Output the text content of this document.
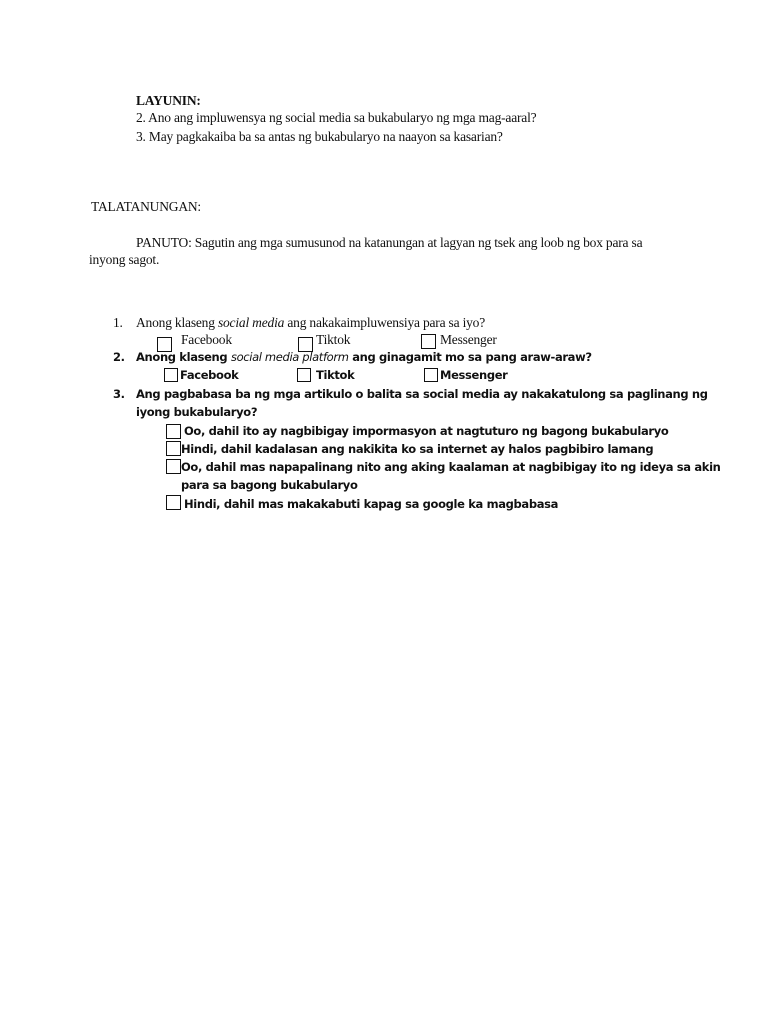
LAYUNIN:
2. Ano ang impluwensya ng social media sa bukabularyo ng mga mag-aaral?
3. May pagkakaiba ba sa antas ng bukabularyo na naayon sa kasarian?
TALATANUNGAN:
PANUTO: Sagutin ang mga sumusunod na katanungan at lagyan ng tsek ang loob ng box para sa
inyong sagot.
1. Anong klaseng social media ang nakakaimpluwensiya para sa iyo?
Facebook	Tiktok	Messenger
2. Anong klaseng social media platform ang ginagamit mo sa pang araw-araw?
Facebook	Tiktok	Messenger
3. Ang pagbabasa ba ng mga artikulo o balita sa social media ay nakakatulong sa paglinang ng
iyong bukabularyo?
Oo, dahil ito ay nagbibigay impormasyon at nagtuturo ng bagong bukabularyo
Hindi, dahil kadalasan ang nakikita ko sa internet ay halos pagbibiro lamang
Oo, dahil mas napapalinang nito ang aking kaalaman at nagbibigay ito ng ideya sa akin
para sa bagong bukabularyo
Hindi, dahil mas makakabuti kapag sa google ka magbabasa
